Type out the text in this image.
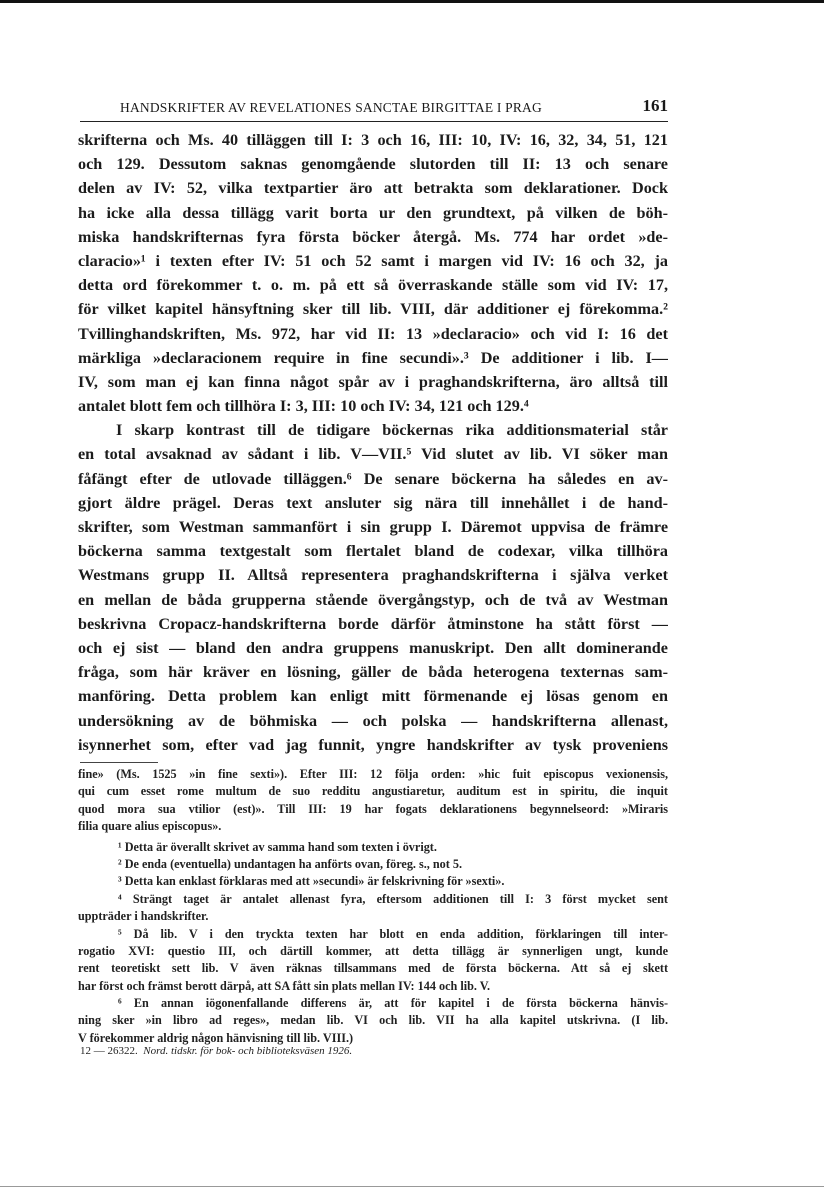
HANDSKRIFTER AV REVELATIONES SANCTAE BIRGITTAE I PRAG	161
skrifterna och Ms. 40 tilläggen till I: 3 och 16, III: 10, IV: 16, 32, 34, 51, 121
och 129. Dessutom saknas genomgående slutorden till II: 13 och senare
delen av IV: 52, vilka textpartier äro att betrakta som deklarationer. Dock
ha icke alla dessa tillägg varit borta ur den grundtext, på vilken de böh-
miska handskrifternas fyra första böcker återgå. Ms. 774 har ordet »de-
claracio»¹ i texten efter IV: 51 och 52 samt i margen vid IV: 16 och 32, ja
detta ord förekommer t. o. m. på ett så överraskande ställe som vid IV: 17,
för vilket kapitel hänsyftning sker till lib. VIII, där additioner ej förekomma.²
Tvillinghandskriften, Ms. 972, har vid II: 13 »declaracio» och vid I: 16 det
märkliga »declaracionem require in fine secundi».³ De additioner i lib. I—
IV, som man ej kan finna något spår av i praghandskrifterna, äro alltså till
antalet blott fem och tillhöra I: 3, III: 10 och IV: 34, 121 och 129.⁴
I skarp kontrast till de tidigare böckernas rika additionsmaterial står
en total avsaknad av sådant i lib. V—VII.⁵ Vid slutet av lib. VI söker man
fåfängt efter de utlovade tilläggen.⁶ De senare böckerna ha således en av-
gjort äldre prägel. Deras text ansluter sig nära till innehållet i de hand-
skrifter, som Westman sammanfört i sin grupp I. Däremot uppvisa de främre
böckerna samma textgestalt som flertalet bland de codexar, vilka tillhöra
Westmans grupp II. Alltså representera praghandskrifterna i själva verket
en mellan de båda grupperna stående övergångstyp, och de två av Westman
beskrivna Cropacz-handskrifterna borde därför åtminstone ha stått först —
och ej sist — bland den andra gruppens manuskript. Den allt dominerande
fråga, som här kräver en lösning, gäller de båda heterogena texternas sam-
manföring. Detta problem kan enligt mitt förmenande ej lösas genom en
undersökning av de böhmiska — och polska — handskrifterna allenast,
isynnerhet som, efter vad jag funnit, yngre handskrifter av tysk proveniens
fine» (Ms. 1525 »in fine sexti»). Efter III: 12 följa orden: »hic fuit episcopus vexionensis,
qui cum esset rome multum de suo redditu angustiaretur, auditum est in spiritu, die inquit
quod mora sua vtilior (est)». Till III: 19 har fogats deklarationens begynnelseord: »Miraris
filia quare alius episcopus».
¹ Detta är överallt skrivet av samma hand som texten i övrigt.
² De enda (eventuella) undantagen ha anförts ovan, föreg. s., not 5.
³ Detta kan enklast förklaras med att »secundi» är felskrivning för »sexti».
⁴ Strängt taget är antalet allenast fyra, eftersom additionen till I: 3 först mycket sent
uppträder i handskrifter.
⁵ Då lib. V i den tryckta texten har blott en enda addition, förklaringen till inter-
rogatio XVI: questio III, och därtill kommer, att detta tillägg är synnerligen ungt, kunde
rent teoretiskt sett lib. V även räknas tillsammans med de första böckerna. Att så ej skett
har först och främst berott därpå, att SA fått sin plats mellan IV: 144 och lib. V.
⁶ En annan iögonenfallande differens är, att för kapitel i de första böckerna hänvis-
ning sker »in libro ad reges», medan lib. VI och lib. VII ha alla kapitel utskrivna. (I lib.
V förekommer aldrig någon hänvisning till lib. VIII.)
12 — 26322. Nord. tidskr. för bok- och biblioteksväsen 1926.
